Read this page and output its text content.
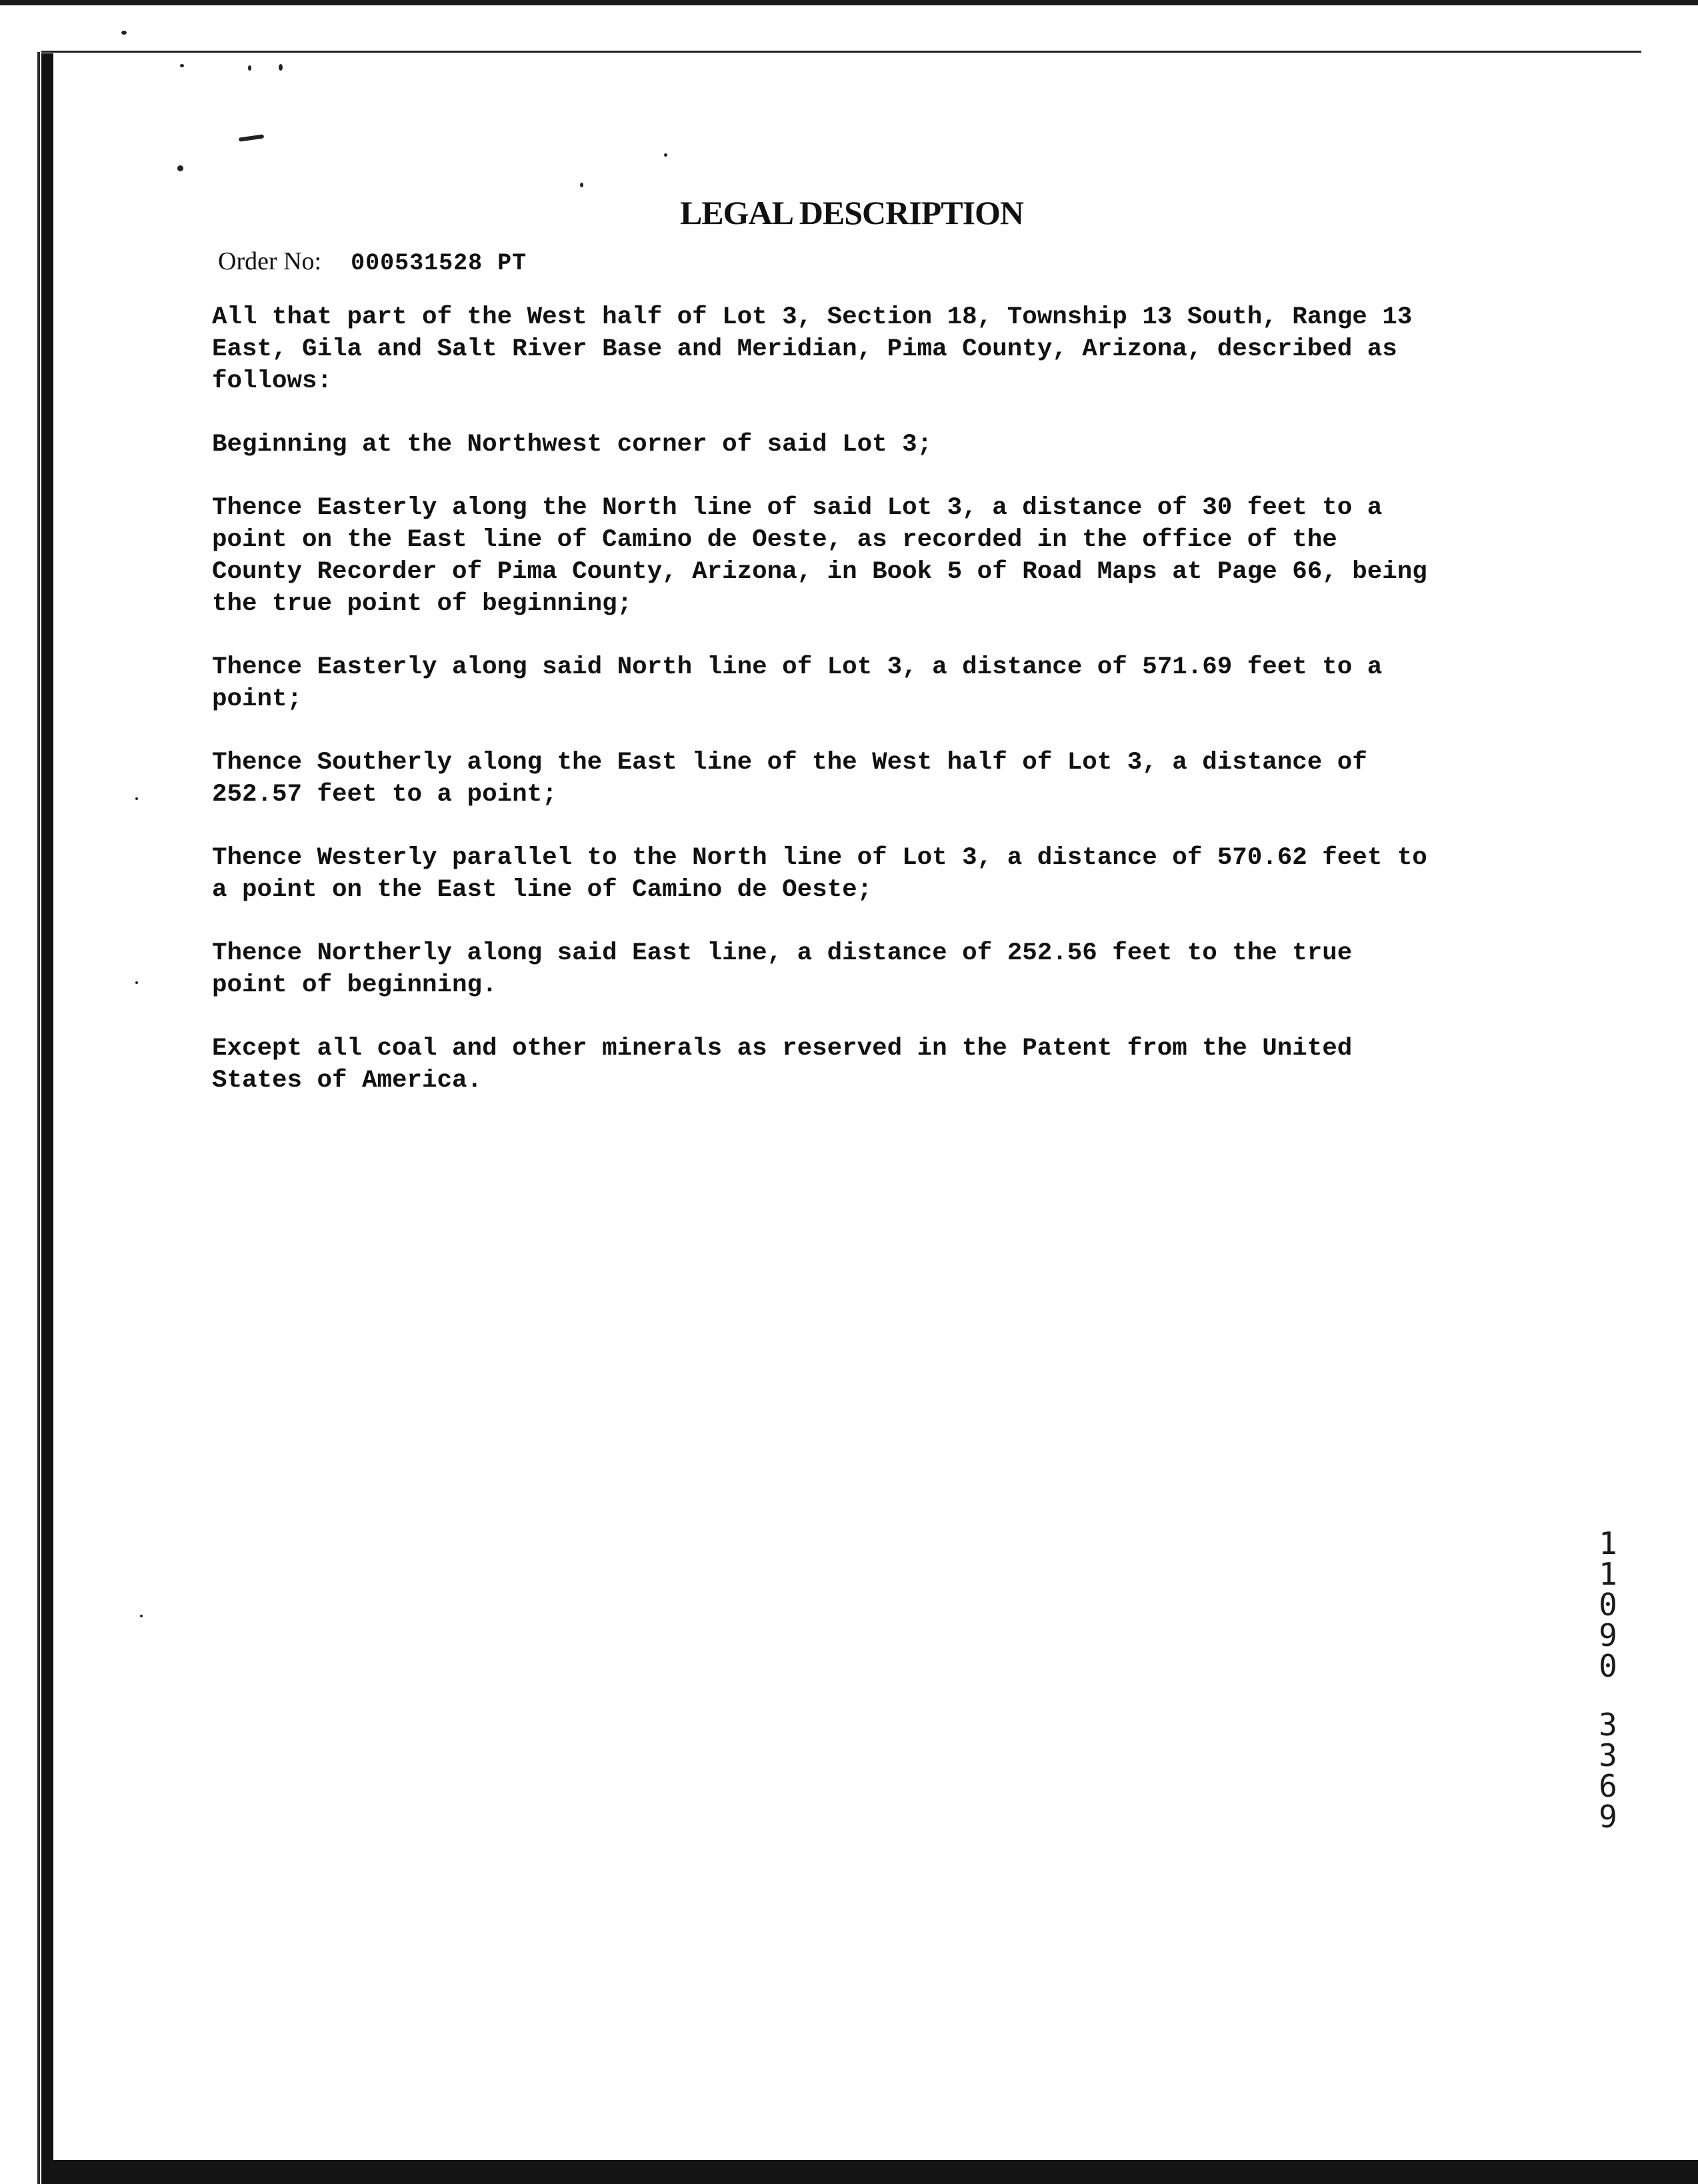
LEGAL DESCRIPTION
Order No: 000531528 PT

All that part of the West half of Lot 3, Section 18, Township 13 South, Range 13
East, Gila and Salt River Base and Meridian, Pima County, Arizona, described as
follows:

Beginning at the Northwest corner of said Lot 3;

Thence Easterly along the North line of said Lot 3, a distance of 30 feet to a
point on the East line of Camino de Oeste, as recorded in the office of the
County Recorder of Pima County, Arizona, in Book 5 of Road Maps at Page 66, being
the true point of beginning;

Thence Easterly along said North line of Lot 3, a distance of 571.69 feet to a
point;

Thence Southerly along the East line of the West half of Lot 3, a distance of
252.57 feet to a point;

Thence Westerly parallel to the North line of Lot 3, a distance of 570.62 feet to
a point on the East line of Camino de Oeste;

Thence Northerly along said East line, a distance of 252.56 feet to the true
point of beginning.

Except all coal and other minerals as reserved in the Patent from the United
States of America.

1
1
0
9
0
3
3
6
9
